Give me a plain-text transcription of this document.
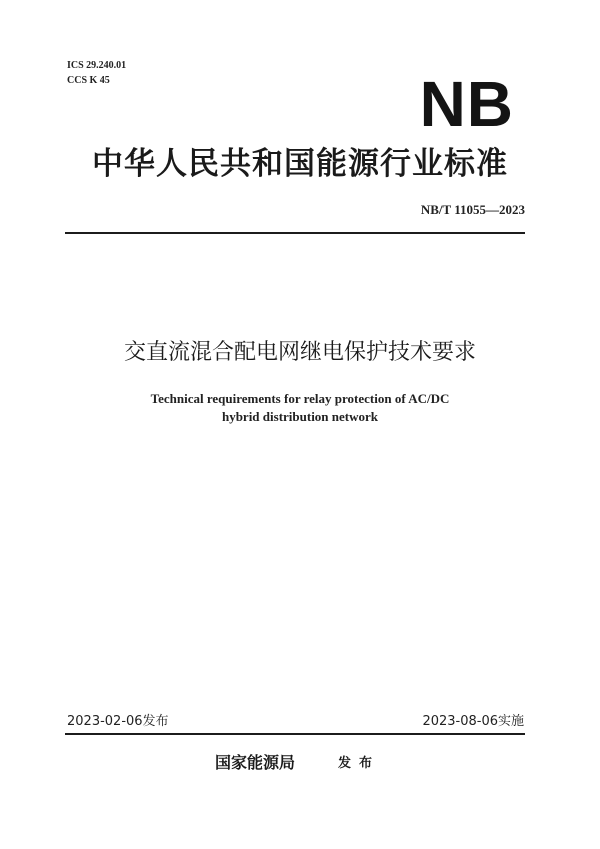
ICS 29.240.01
CCS K 45	NB
中华人民共和国能源行业标准
NB/T 11055—2023
交直流混合配电网继电保护技术要求
Technical requirements for relay protection of AC/DC
hybrid distribution network
2023-02-06发布	2023-08-06实施
国家能源局	发 布
